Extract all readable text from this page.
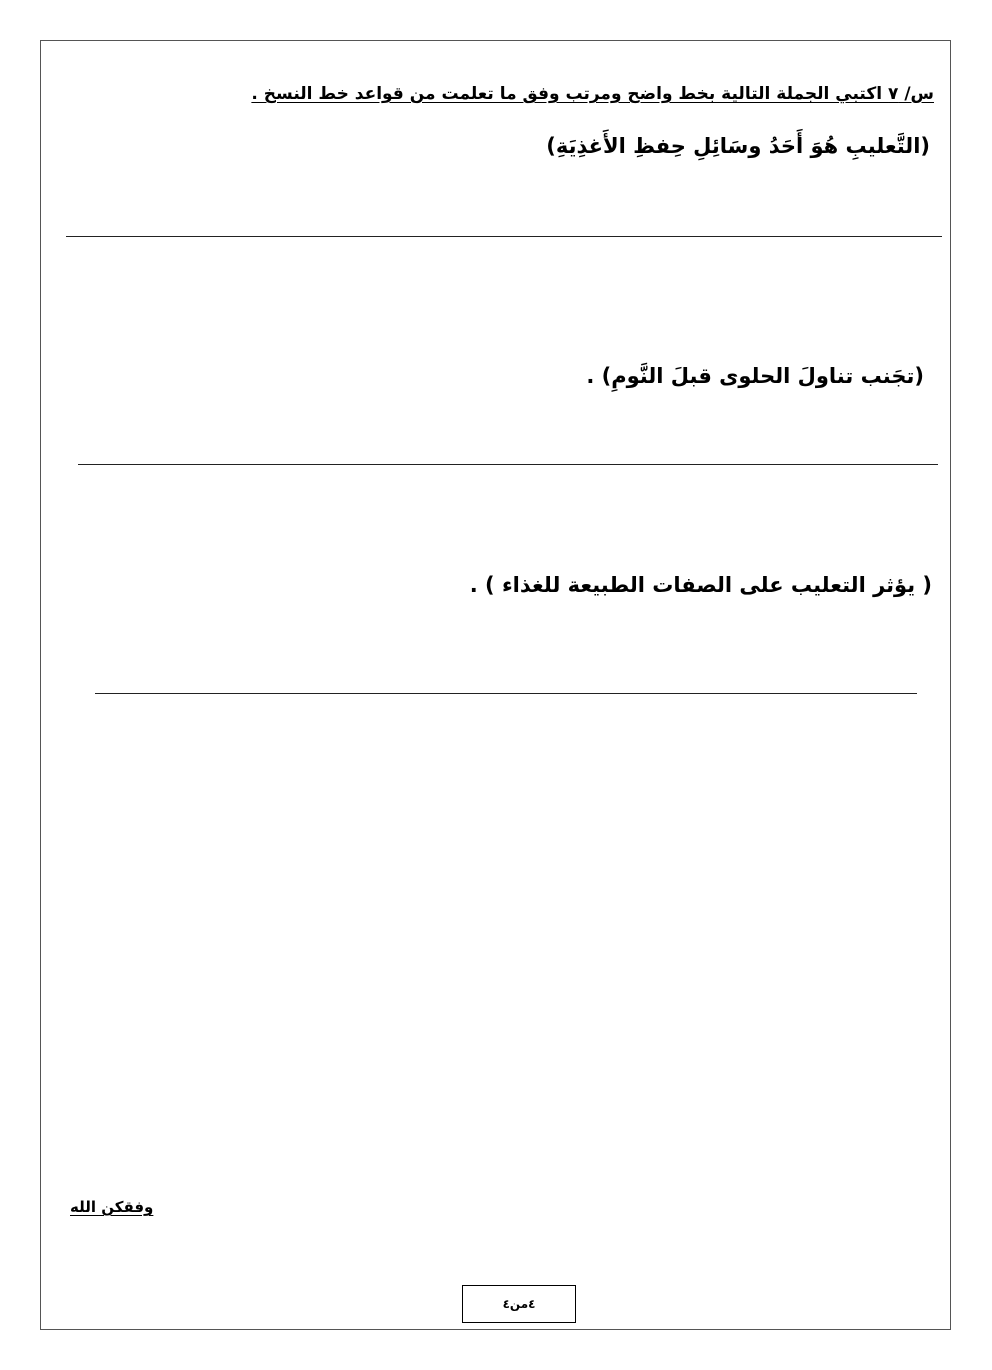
س/ ٧ اكتبي الجملة التالية بخط واضح ومرتب وفق ما تعلمت من قواعد خط النسخ .
(التَّعليبِ هُوَ أَحَدُ وسَائِلِ حِفظِ الأَغذِيَةِ)
(تجَنب تناولَ الحلوى قبلَ النَّومِ) .
( يؤثر التعليب على الصفات الطبيعة للغذاء ) .
وفقكن الله
٤من٤
